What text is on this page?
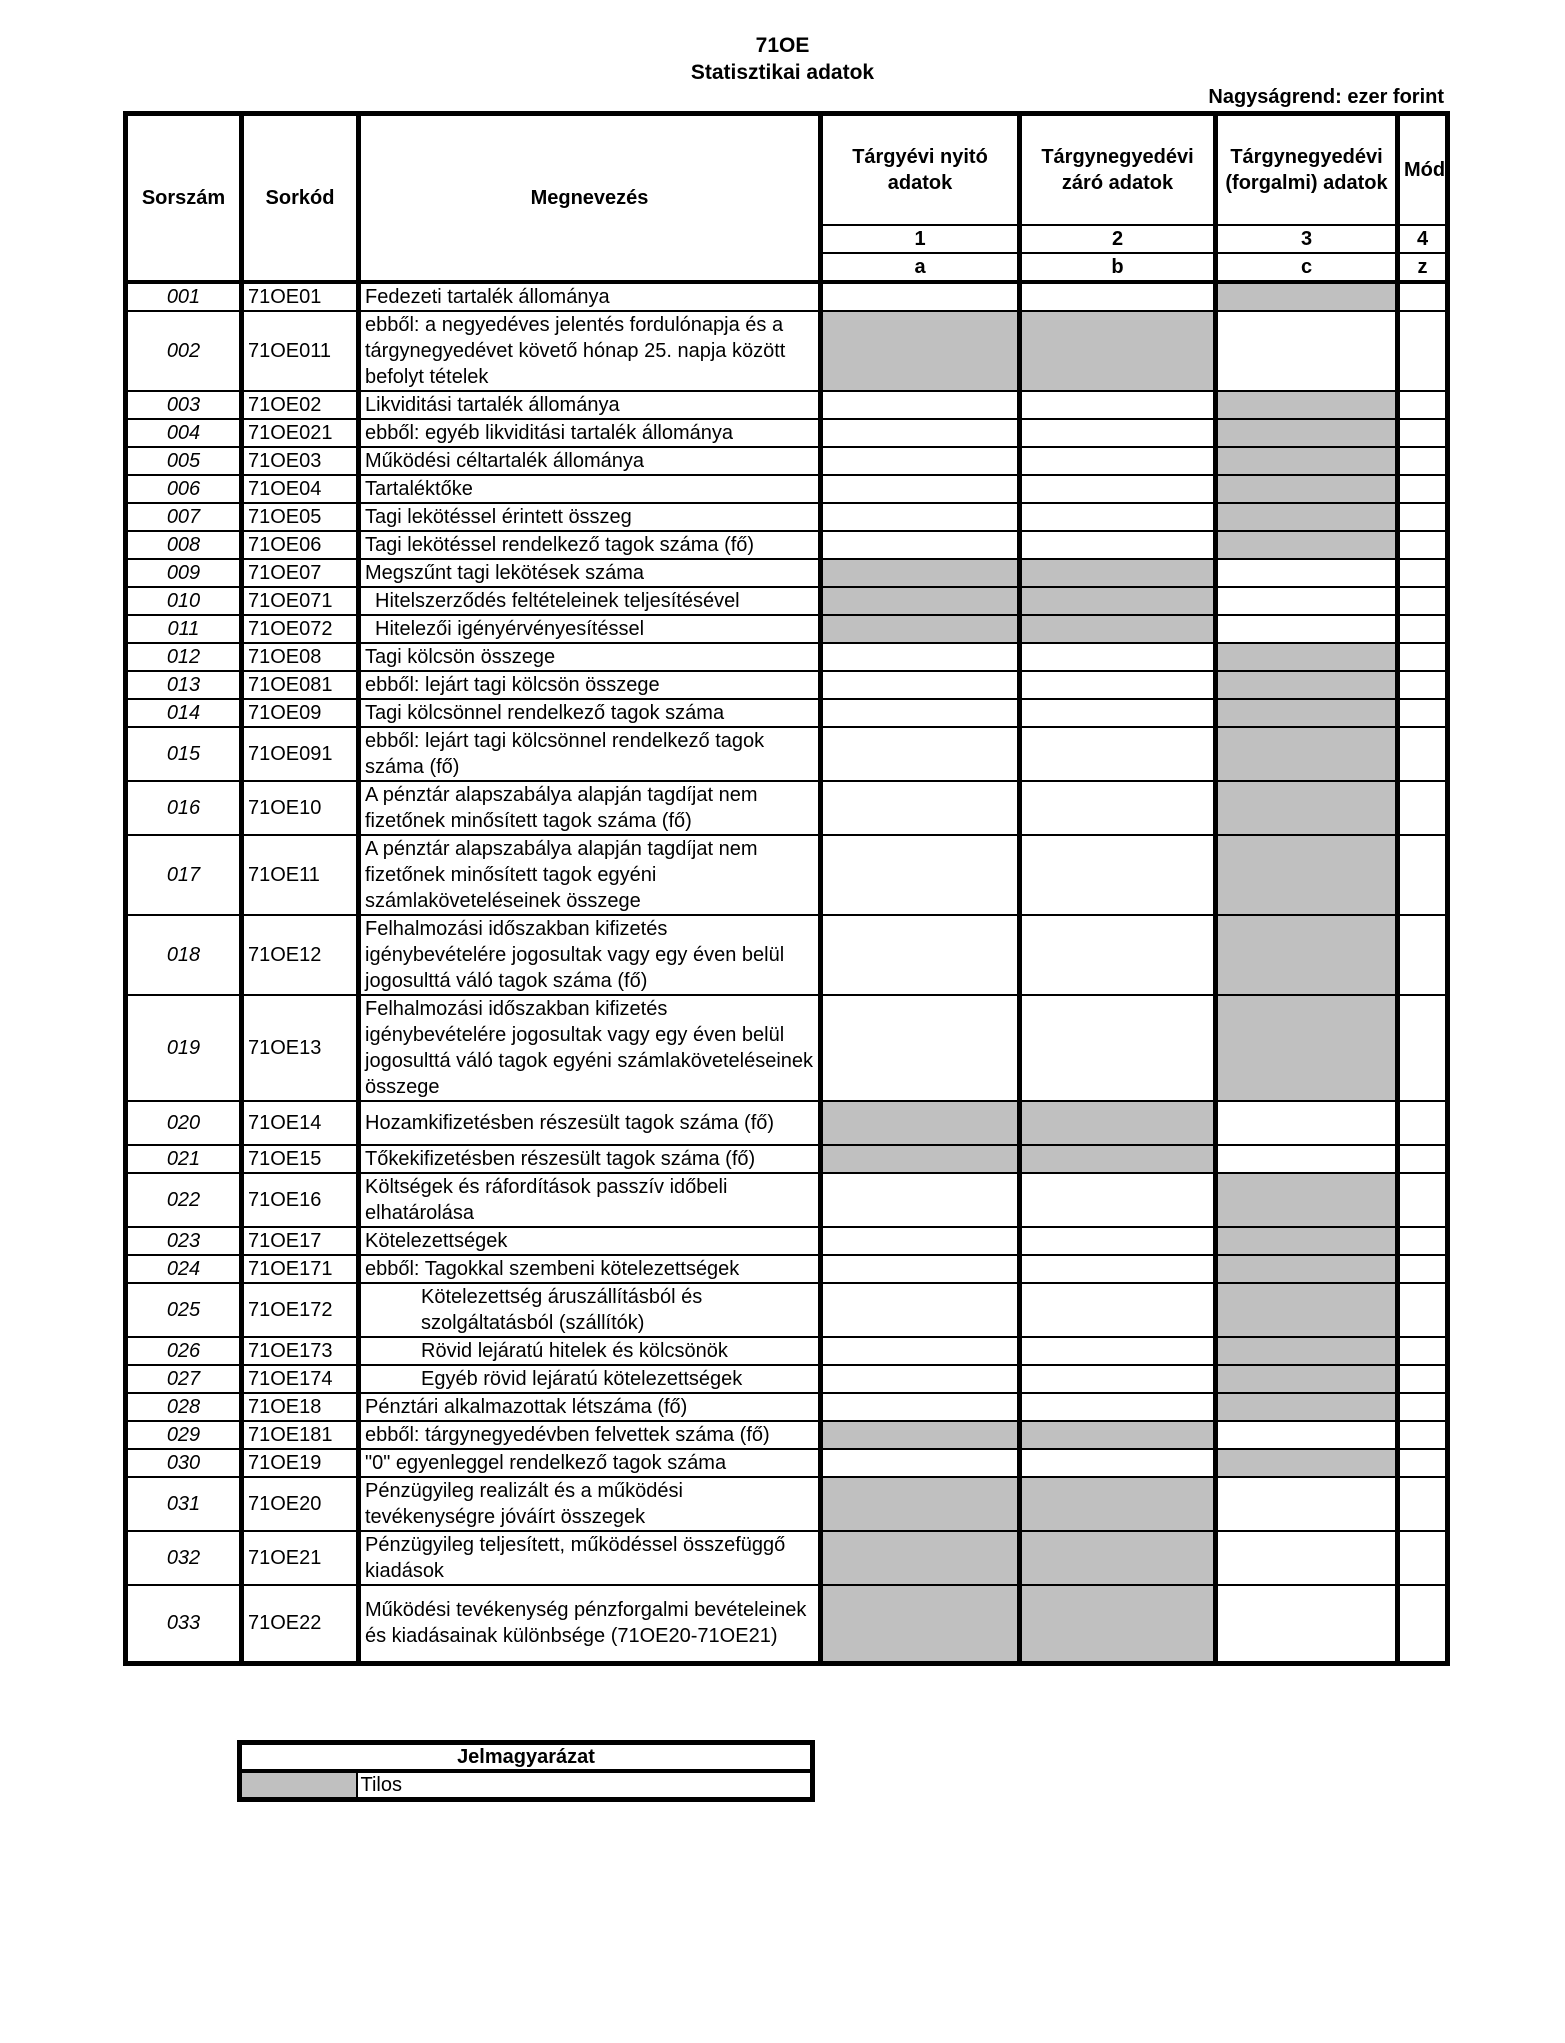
71OE
Statisztikai adatok
Nagyságrend: ezer forint
Sorszám	Sorkód	Megnevezés	Tárgyévi nyitó adatok	Tárgynegyedévi záró adatok	Tárgynegyedévi (forgalmi) adatok	Mód
			1	2	3	4
			a	b	c	z
001	71OE01	Fedezeti tartalék állománya				
002	71OE011	ebből: a negyedéves jelentés fordulónapja és a tárgynegyedévet követő hónap 25. napja között befolyt tételek				
003	71OE02	Likviditási tartalék állománya				
004	71OE021	ebből: egyéb likviditási tartalék állománya				
005	71OE03	Működési céltartalék állománya				
006	71OE04	Tartaléktőke				
007	71OE05	Tagi lekötéssel érintett összeg				
008	71OE06	Tagi lekötéssel rendelkező tagok száma (fő)				
009	71OE07	Megszűnt tagi lekötések száma				
010	71OE071	Hitelszerződés feltételeinek teljesítésével				
011	71OE072	Hitelezői igényérvényesítéssel				
012	71OE08	Tagi kölcsön összege				
013	71OE081	ebből: lejárt tagi kölcsön összege				
014	71OE09	Tagi kölcsönnel rendelkező tagok száma				
015	71OE091	ebből: lejárt tagi kölcsönnel rendelkező tagok száma (fő)				
016	71OE10	A pénztár alapszabálya alapján tagdíjat nem fizetőnek minősített tagok száma (fő)				
017	71OE11	A pénztár alapszabálya alapján tagdíjat nem fizetőnek minősített tagok egyéni számlaköveteléseinek összege				
018	71OE12	Felhalmozási időszakban kifizetés igénybevételére jogosultak vagy egy éven belül jogosulttá váló tagok száma (fő)				
019	71OE13	Felhalmozási időszakban kifizetés igénybevételére jogosultak vagy egy éven belül jogosulttá váló tagok egyéni számlaköveteléseinek összege				
020	71OE14	Hozamkifizetésben részesült tagok száma (fő)				
021	71OE15	Tőkekifizetésben részesült tagok száma (fő)				
022	71OE16	Költségek és ráfordítások passzív időbeli elhatárolása				
023	71OE17	Kötelezettségek				
024	71OE171	ebből: Tagokkal szembeni kötelezettségek				
025	71OE172	Kötelezettség áruszállításból és szolgáltatásból (szállítók)				
026	71OE173	Rövid lejáratú hitelek és kölcsönök				
027	71OE174	Egyéb rövid lejáratú kötelezettségek				
028	71OE18	Pénztári alkalmazottak létszáma (fő)				
029	71OE181	ebből: tárgynegyedévben felvettek száma (fő)				
030	71OE19	"0" egyenleggel rendelkező tagok száma				
031	71OE20	Pénzügyileg realizált és a működési tevékenységre jóváírt összegek				
032	71OE21	Pénzügyileg teljesített, működéssel összefüggő kiadások				
033	71OE22	Működési tevékenység pénzforgalmi bevételeinek és kiadásainak különbsége (71OE20-71OE21)				
Jelmagyarázat
	Tilos
